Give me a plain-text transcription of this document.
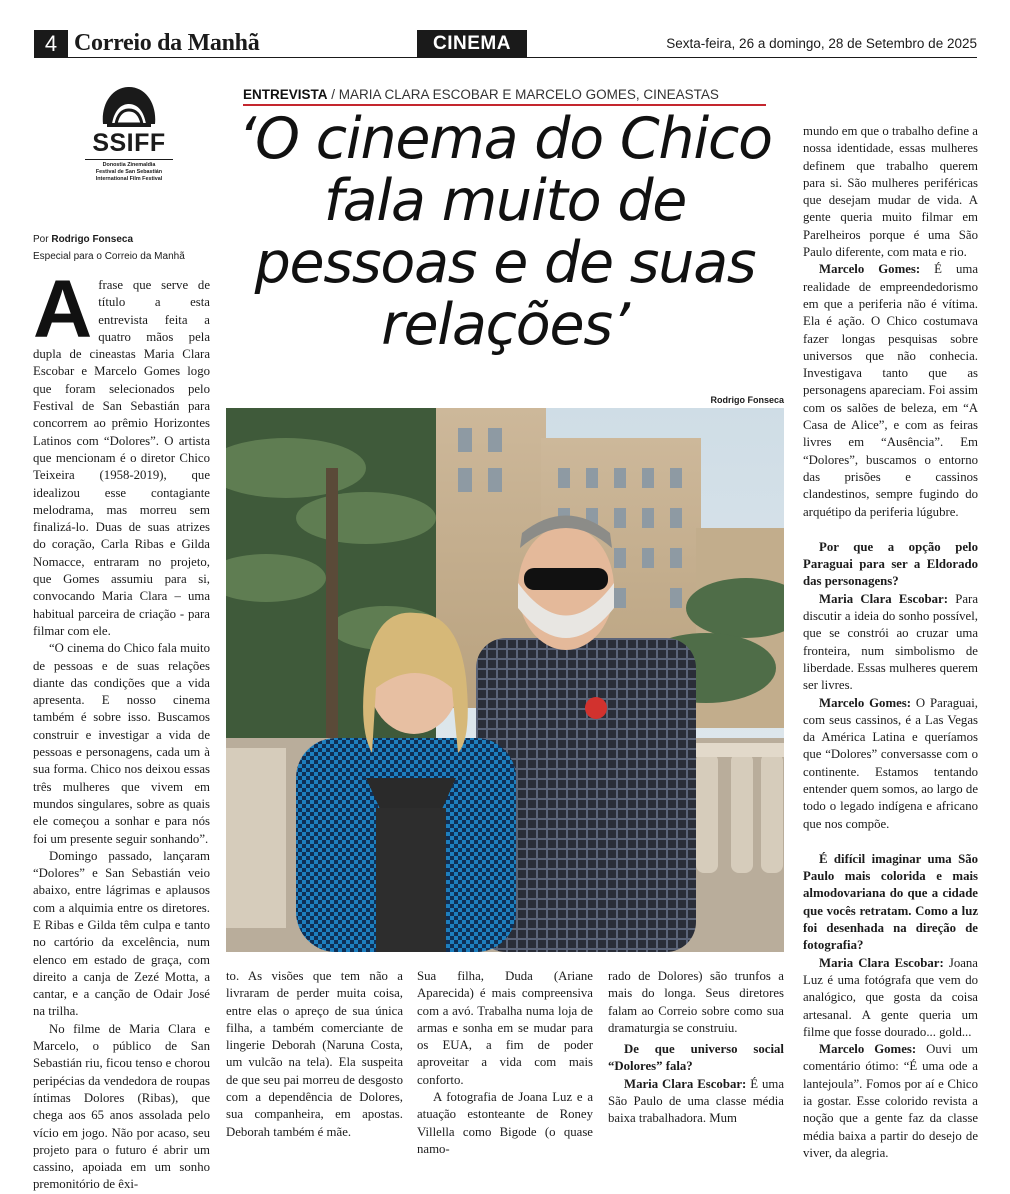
4 Correio da Manhã	CINEMA	Sexta-feira, 26 a domingo, 28 de Setembro de 2025
SSIFF
Donostia Zinemaldia
Festival de San Sebastián
International Film Festival
Por Rodrigo Fonseca
Especial para o Correio da Manhã
ENTREVISTA / MARIA CLARA ESCOBAR E MARCELO GOMES, CINEASTAS
‘O cinema do Chico fala muito de pessoas e de suas relações’
Rodrigo Fonseca
A frase que serve de título a esta entrevista feita a quatro mãos pela dupla de cineastas Maria Clara Escobar e Marcelo Gomes logo que foram selecionados pelo Festival de San Sebastián para concorrem ao prêmio Horizontes Latinos com “Dolores”. O artista que mencionam é o diretor Chico Teixeira (1958-2019), que idealizou esse contagiante melodrama, mas morreu sem finalizá-lo. Duas de suas atrizes do coração, Carla Ribas e Gilda Nomacce, entraram no projeto, que Gomes assumiu para si, convocando Maria Clara – uma habitual parceira de criação - para filmar com ele.

“O cinema do Chico fala muito de pessoas e de suas relações diante das condições que a vida apresenta. E nosso cinema também é sobre isso. Buscamos construir e investigar a vida de pessoas e personagens, cada um à sua forma. Chico nos deixou essas três mulheres que vivem em mundos singulares, sobre as quais ele começou a sonhar e para nós foi um presente seguir sonhando”.

Domingo passado, lançaram “Dolores” e San Sebastián veio abaixo, entre lágrimas e aplausos com a alquimia entre os diretores. E Ribas e Gilda têm culpa e tanto no cartório da excelência, num elenco em estado de graça, com direito a canja de Zezé Motta, a cantar, e a canção de Odair José na trilha.

No filme de Maria Clara e Marcelo, o público de San Sebastián riu, ficou tenso e chorou peripécias da vendedora de roupas íntimas Dolores (Ribas), que chega aos 65 anos assolada pelo vício em jogo. Não por acaso, seu projeto para o futuro é abrir um cassino, apoiada em um sonho premonitório de êxi-

to. As visões que tem não a livraram de perder muita coisa, entre elas o apreço de sua única filha, a também comerciante de lingerie Deborah (Naruna Costa, um vulcão na tela). Ela suspeita de que seu pai morreu de desgosto com a dependência de Dolores, sua companheira, em apostas. Deborah também é mãe.

Sua filha, Duda (Ariane Aparecida) é mais compreensiva com a avó. Trabalha numa loja de armas e sonha em se mudar para os EUA, a fim de poder aproveitar a vida com mais conforto.

A fotografia de Joana Luz e a atuação estonteante de Roney Villella como Bigode (o quase namo-

rado de Dolores) são trunfos a mais do longa. Seus diretores falam ao Correio sobre como sua dramaturgia se construiu.

De que universo social “Dolores” fala?

Maria Clara Escobar: É uma São Paulo de uma classe média baixa trabalhadora. Mum

mundo em que o trabalho define a nossa identidade, essas mulheres definem que trabalho querem para si. São mulheres periféricas que desejam mudar de vida. A gente queria muito filmar em Parelheiros porque é uma São Paulo diferente, com mata e rio.

Marcelo Gomes: É uma realidade de empreendedorismo em que a periferia não é vítima. Ela é ação. O Chico costumava fazer longas pesquisas sobre universos que não conhecia. Investigava tanto que as personagens apareciam. Foi assim com os salões de beleza, em “A Casa de Alice”, e com as feiras livres em “Ausência”. Em “Dolores”, buscamos o entorno das prisões e cassinos clandestinos, sempre fugindo do arquétipo da periferia lúgubre.

Por que a opção pelo Paraguai para ser a Eldorado das personagens?

Maria Clara Escobar: Para discutir a ideia do sonho possível, que se constrói ao cruzar uma fronteira, num simbolismo de liberdade. Essas mulheres querem ser livres.

Marcelo Gomes: O Paraguai, com seus cassinos, é a Las Vegas da América Latina e queríamos que “Dolores” conversasse com o continente. Estamos tentando entender quem somos, ao largo de todo o legado indígena e africano que nos compõe.

É difícil imaginar uma São Paulo mais colorida e mais almodovariana do que a cidade que vocês retratam. Como a luz foi desenhada na direção de fotografia?

Maria Clara Escobar: Joana Luz é uma fotógrafa que vem do analógico, que gosta da coisa artesanal. A gente queria um filme que fosse dourado... gold...

Marcelo Gomes: Ouvi um comentário ótimo: “É uma ode a lantejoula”. Fomos por aí e Chico ia gostar. Esse colorido revista a noção que a gente faz da classe média baixa a partir do desejo de viver, da alegria.
